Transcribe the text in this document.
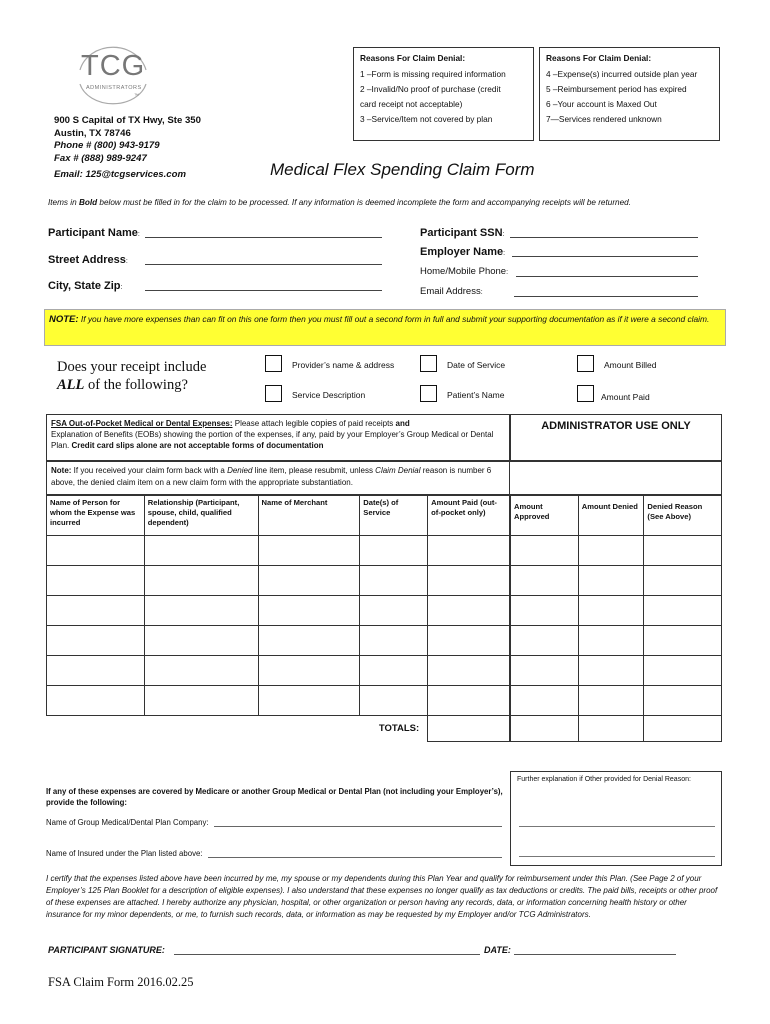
TCG
ADMINISTRATORS
™
900 S Capital of TX Hwy, Ste 350
Austin, TX 78746
Phone # (800) 943-9179
Fax # (888) 989-9247
Email: 125@tcgservices.com
Reasons For Claim Denial:
1 –Form is missing required information
2 –Invalid/No proof of purchase (credit
card receipt not acceptable)
3 –Service/Item not covered by plan
Reasons For Claim Denial:
4 –Expense(s) incurred outside plan year
5 –Reimbursement period has expired
6 –Your account is Maxed Out
7—Services rendered unknown
Medical Flex Spending Claim Form
Items in Bold below must be filled in for the claim to be processed. If any information is deemed incomplete the form and accompanying receipts will be returned.
Participant Name:
Street Address:
City, State Zip:
Participant SSN:
Employer Name:
Home/Mobile Phone:
Email Address:
NOTE: If you have more expenses than can fit on this one form then you must fill out a second form in full and submit your supporting documentation as if it were a second claim.
Does your receipt include
ALL of the following?
Provider’s name & address	Date of Service	Amount Billed
Service Description	Patient’s Name	Amount Paid
FSA Out-of-Pocket Medical or Dental Expenses: Please attach legible copies of paid receipts and
Explanation of Benefits (EOBs) showing the portion of the expenses, if any, paid by your Employer’s Group Medical or Dental Plan. Credit card slips alone are not acceptable forms of documentation
ADMINISTRATOR USE ONLY
Note: If you received your claim form back with a Denied line item, please resubmit, unless Claim Denial reason is number 6 above, the denied claim item on a new claim form with the appropriate substantiation.
Name of Person for whom the Expense was incurred	Relationship (Participant, spouse, child, qualified dependent)	Name of Merchant	Date(s) of Service	Amount Paid (out-of-pocket only)

TOTALS:				
Amount Approved	Amount Denied	Denied Reason (See Above)

Further explanation if Other provided for Denial Reason:
If any of these expenses are covered by Medicare or another Group Medical or Dental Plan (not including your Employer’s), provide the following:
Name of Group Medical/Dental Plan Company:
Name of Insured under the Plan listed above:
I certify that the expenses listed above have been incurred by me, my spouse or my dependents during this Plan Year and qualify for reimbursement under this Plan. (See Page 2 of your Employer’s 125 Plan Booklet for a description of eligible expenses). I also understand that these expenses no longer qualify as tax deductions or credits. The paid bills, receipts or other proof of these expenses are attached. I hereby authorize any physician, hospital, or other organization or person having any records, data, or information concerning health history or other insurance for my minor dependents, or me, to furnish such records, data, or information as may be requested by my Employer and/or TCG Administrators.
PARTICIPANT SIGNATURE:	DATE:
FSA Claim Form 2016.02.25
